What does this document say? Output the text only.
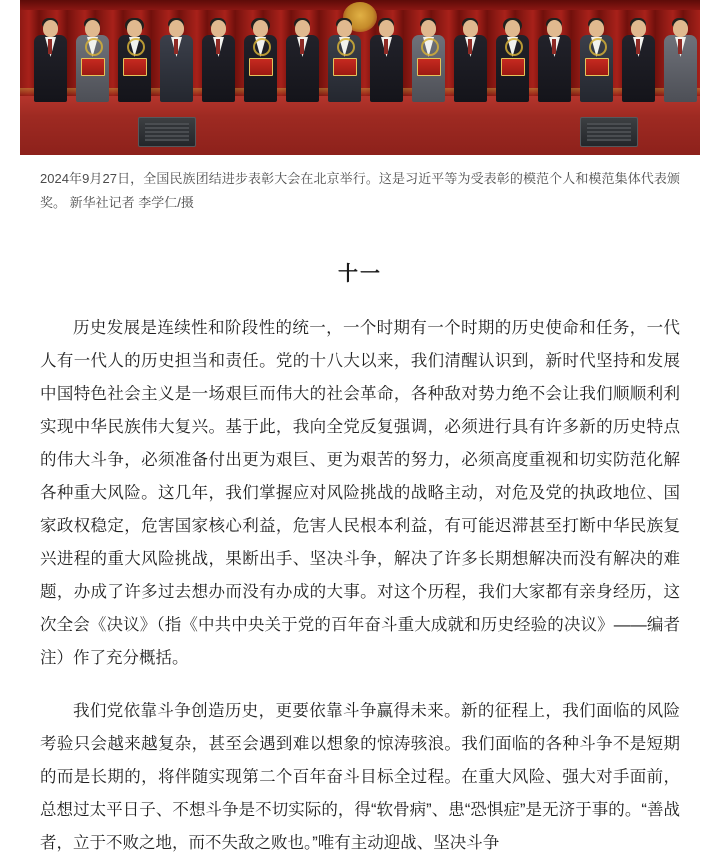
2024年9月27日，全国民族团结进步表彰大会在北京举行。这是习近平等为受表彰的模范个人和模范集体代表颁奖。 新华社记者 李学仁/摄
十一

历史发展是连续性和阶段性的统一，一个时期有一个时期的历史使命和任务，一代人有一代人的历史担当和责任。党的十八大以来，我们清醒认识到，新时代坚持和发展中国特色社会主义是一场艰巨而伟大的社会革命，各种敌对势力绝不会让我们顺顺利利实现中华民族伟大复兴。基于此，我向全党反复强调，必须进行具有许多新的历史特点的伟大斗争，必须准备付出更为艰巨、更为艰苦的努力，必须高度重视和切实防范化解各种重大风险。这几年，我们掌握应对风险挑战的战略主动，对危及党的执政地位、国家政权稳定，危害国家核心利益，危害人民根本利益，有可能迟滞甚至打断中华民族复兴进程的重大风险挑战，果断出手、坚决斗争，解决了许多长期想解决而没有解决的难题，办成了许多过去想办而没有办成的大事。对这个历程，我们大家都有亲身经历，这次全会《决议》（指《中共中央关于党的百年奋斗重大成就和历史经验的决议》——编者注）作了充分概括。

我们党依靠斗争创造历史，更要依靠斗争赢得未来。新的征程上，我们面临的风险考验只会越来越复杂，甚至会遇到难以想象的惊涛骇浪。我们面临的各种斗争不是短期的而是长期的，将伴随实现第二个百年奋斗目标全过程。在重大风险、强大对手面前，总想过太平日子、不想斗争是不切实际的，得“软骨病”、患“恐惧症”是无济于事的。“善战者，立于不败之地，而不失敌之败也。”唯有主动迎战、坚决斗争
